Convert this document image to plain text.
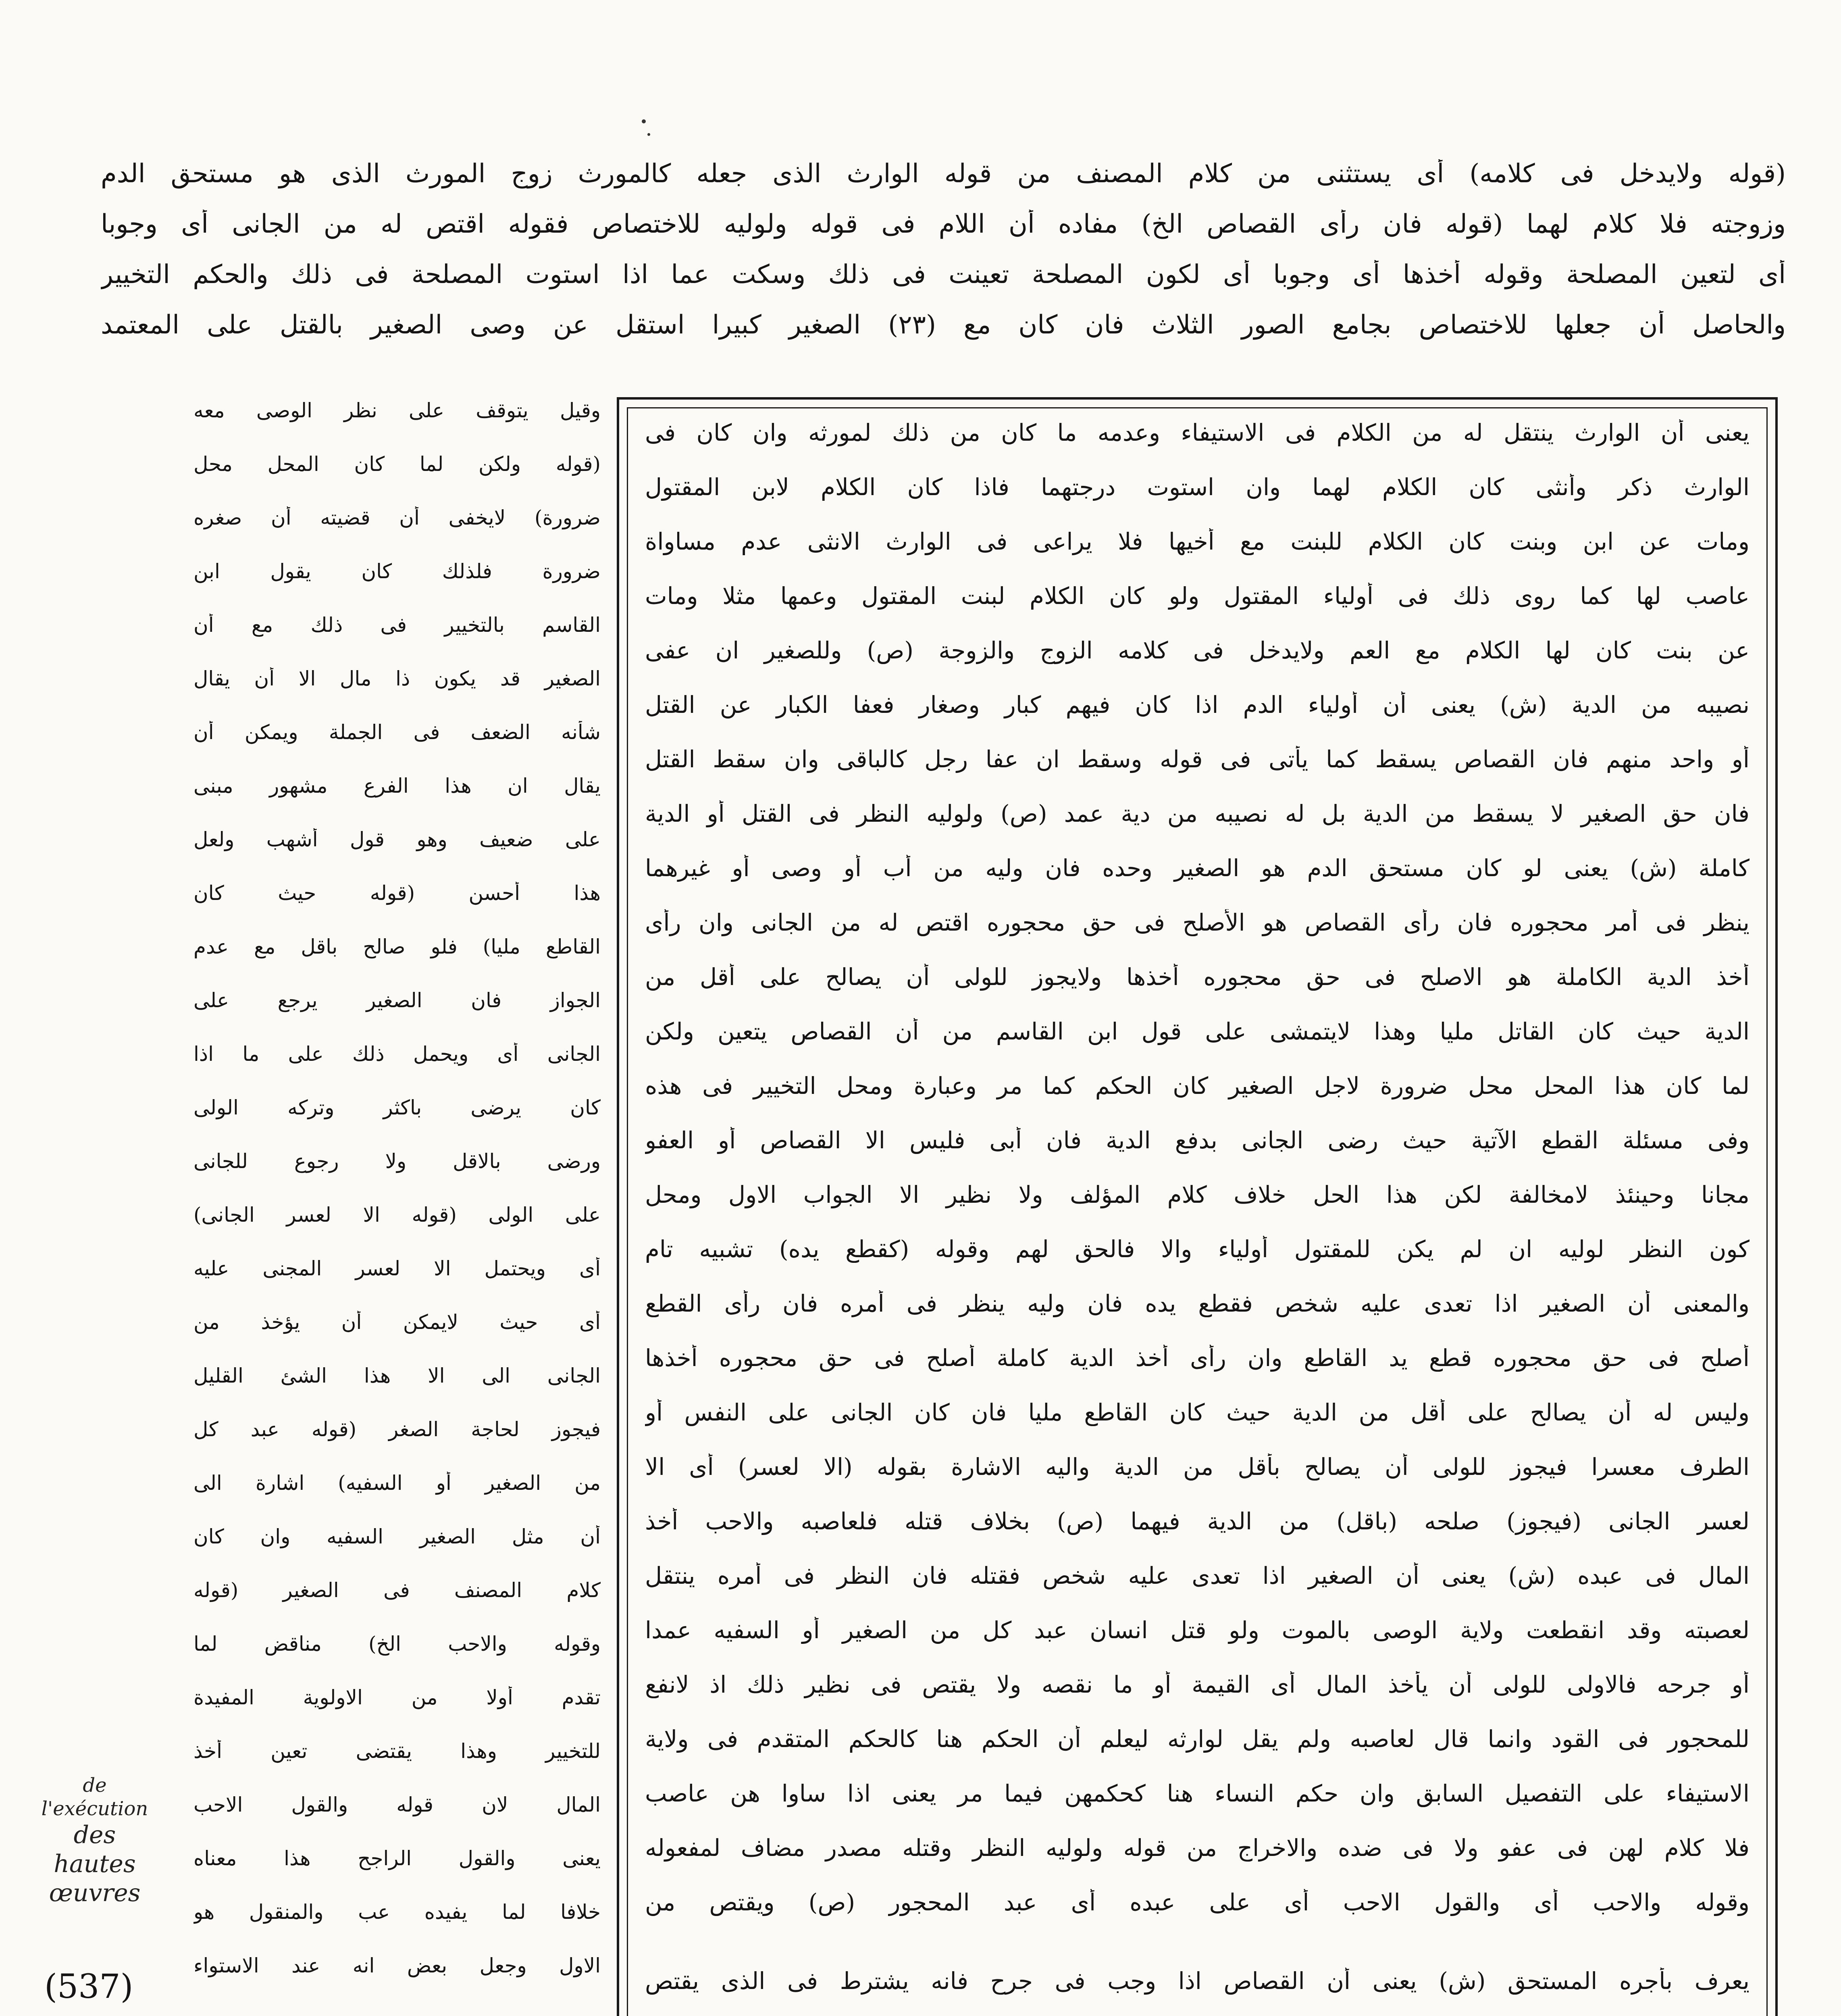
(قوله ولايدخل فى كلامه) أى يستثنى من كلام المصنف من قوله الوارث الذى جعله كالمورث زوج المورث الذى هو مستحق الدم
وزوجته فلا كلام لهما (قوله فان رأى القصاص الخ) مفاده أن اللام فى قوله ولوليه للاختصاص فقوله اقتص له من الجانى أى وجوبا
أى لتعين المصلحة وقوله أخذها أى وجوبا أى لكون المصلحة تعينت فى ذلك وسكت عما اذا استوت المصلحة فى ذلك والحكم التخيير
والحاصل أن جعلها للاختصاص بجامع الصور الثلاث فان كان مع (٢٣) الصغير كبيرا استقل عن وصى الصغير بالقتل على المعتمد
يعنى أن الوارث ينتقل له من الكلام فى الاستيفاء وعدمه ما كان من ذلك لمورثه وان كان فى
الوارث ذكر وأنثى كان الكلام لهما وان استوت درجتهما فاذا كان الكلام لابن المقتول
ومات عن ابن وبنت كان الكلام للبنت مع أخيها فلا يراعى فى الوارث الانثى عدم مساواة
عاصب لها كما روى ذلك فى أولياء المقتول ولو كان الكلام لبنت المقتول وعمها مثلا ومات
عن بنت كان لها الكلام مع العم ولايدخل فى كلامه الزوج والزوجة (ص) وللصغير ان عفى
نصيبه من الدية (ش) يعنى أن أولياء الدم اذا كان فيهم كبار وصغار فعفا الكبار عن القتل
أو واحد منهم فان القصاص يسقط كما يأتى فى قوله وسقط ان عفا رجل كالباقى وان سقط القتل
فان حق الصغير لا يسقط من الدية بل له نصيبه من دية عمد (ص) ولوليه النظر فى القتل أو الدية
كاملة (ش) يعنى لو كان مستحق الدم هو الصغير وحده فان وليه من أب أو وصى أو غيرهما
ينظر فى أمر محجوره فان رأى القصاص هو الأصلح فى حق محجوره اقتص له من الجانى وان رأى
أخذ الدية الكاملة هو الاصلح فى حق محجوره أخذها ولايجوز للولى أن يصالح على أقل من
الدية حيث كان القاتل مليا وهذا لايتمشى على قول ابن القاسم من أن القصاص يتعين ولكن
لما كان هذا المحل محل ضرورة لاجل الصغير كان الحكم كما مر وعبارة ومحل التخيير فى هذه
وفى مسئلة القطع الآتية حيث رضى الجانى بدفع الدية فان أبى فليس الا القصاص أو العفو
مجانا وحينئذ لامخالفة لكن هذا الحل خلاف كلام المؤلف ولا نظير الا الجواب الاول ومحل
كون النظر لوليه ان لم يكن للمقتول أولياء والا فالحق لهم وقوله (كقطع يده) تشبيه تام
والمعنى أن الصغير اذا تعدى عليه شخص فقطع يده فان وليه ينظر فى أمره فان رأى القطع
أصلح فى حق محجوره قطع يد القاطع وان رأى أخذ الدية كاملة أصلح فى حق محجوره أخذها
وليس له أن يصالح على أقل من الدية حيث كان القاطع مليا فان كان الجانى على النفس أو
الطرف معسرا فيجوز للولى أن يصالح بأقل من الدية واليه الاشارة بقوله (الا لعسر) أى الا
لعسر الجانى (فيجوز) صلحه (باقل) من الدية فيهما (ص) بخلاف قتله فلعاصبه والاحب أخذ
المال فى عبده (ش) يعنى أن الصغير اذا تعدى عليه شخص فقتله فان النظر فى أمره ينتقل
لعصبته وقد انقطعت ولاية الوصى بالموت ولو قتل انسان عبد كل من الصغير أو السفيه عمدا
أو جرحه فالاولى للولى أن يأخذ المال أى القيمة أو ما نقصه ولا يقتص فى نظير ذلك اذ لانفع
للمحجور فى القود وانما قال لعاصبه ولم يقل لوارثه ليعلم أن الحكم هنا كالحكم المتقدم فى ولاية
الاستيفاء على التفصيل السابق وان حكم النساء هنا كحكمهن فيما مر يعنى اذا ساوا هن عاصب
فلا كلام لهن فى عفو ولا فى ضده والاخراج من قوله ولوليه النظر وقتله مصدر مضاف لمفعوله
وقوله والاحب أى والقول الاحب أى على عبده أى عبد المحجور (ص) ويقتص من
يعرف بأجره المستحق (ش) يعنى أن القصاص اذا وجب فى جرح فانه يشترط فى الذى يقتص
وقيل يتوقف على نظر الوصى معه
(قوله ولكن لما كان المحل محل
ضرورة) لايخفى أن قضيته أن صغره
ضرورة فلذلك كان يقول ابن
القاسم بالتخيير فى ذلك مع أن
الصغير قد يكون ذا مال الا أن يقال
شأنه الضعف فى الجملة ويمكن أن
يقال ان هذا الفرع مشهور مبنى
على ضعيف وهو قول أشهب ولعل
هذا أحسن (قوله حيث كان
القاطع مليا) فلو صالح باقل مع عدم
الجواز فان الصغير يرجع على
الجانى أى ويحمل ذلك على ما اذا
كان يرضى باكثر وتركه الولى
ورضى بالاقل ولا رجوع للجانى
على الولى (قوله الا لعسر الجانى)
أى ويحتمل الا لعسر المجنى عليه
أى حيث لايمكن أن يؤخذ من
الجانى الى الا هذا الشئ القليل
فيجوز لحاجة الصغر (قوله عبد كل
من الصغير أو السفيه) اشارة الى
أن مثل الصغير السفيه وان كان
كلام المصنف فى الصغير (قوله
وقوله والاحب الخ) مناقض لما
تقدم أولا من الاولوية المفيدة
للتخيير وهذا يقتضى تعين أخذ
المال لان قوله والقول الاحب
يعنى والقول الراجح هذا معناه
خلافا لما يفيده عب والمنقول هو
الاول وجعل بعض انه عند الاستواء
de l'exécution
des
hautes
œuvres
(537)
